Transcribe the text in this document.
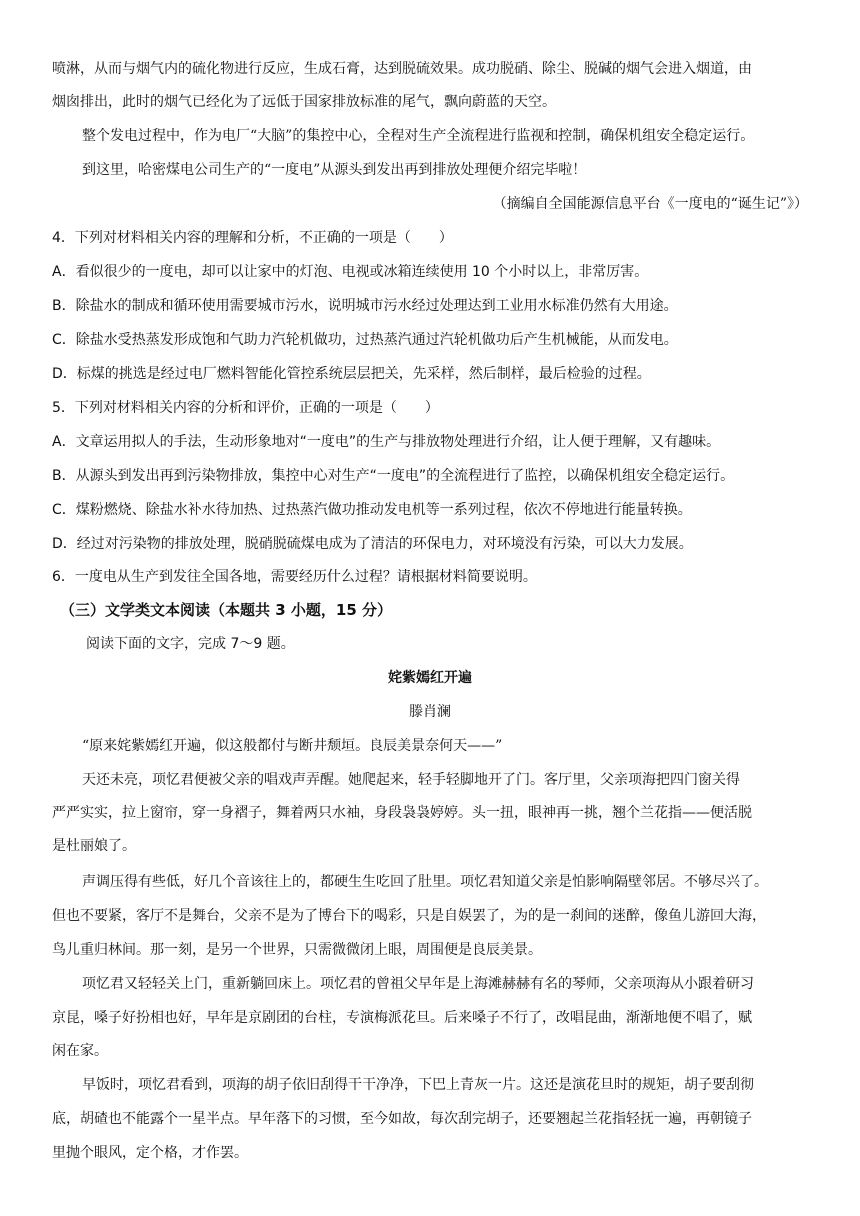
喷淋，从而与烟气内的硫化物进行反应，生成石膏，达到脱硫效果。成功脱硝、除尘、脱碱的烟气会进入烟道，由
烟囱排出，此时的烟气已经化为了远低于国家排放标准的尾气，飘向蔚蓝的天空。
整个发电过程中，作为电厂“大脑”的集控中心，全程对生产全流程进行监视和控制，确保机组安全稳定运行。
到这里，哈密煤电公司生产的“一度电”从源头到发出再到排放处理便介绍完毕啦！
（摘编自全国能源信息平台《一度电的“诞生记”》）
4．下列对材料相关内容的理解和分析，不正确的一项是（　　）
A．看似很少的一度电，却可以让家中的灯泡、电视或冰箱连续使用 10 个小时以上，非常厉害。
B．除盐水的制成和循环使用需要城市污水，说明城市污水经过处理达到工业用水标准仍然有大用途。
C．除盐水受热蒸发形成饱和气助力汽轮机做功，过热蒸汽通过汽轮机做功后产生机械能，从而发电。
D．标煤的挑选是经过电厂燃料智能化管控系统层层把关，先采样，然后制样，最后检验的过程。
5．下列对材料相关内容的分析和评价，正确的一项是（　　）
A．文章运用拟人的手法，生动形象地对“一度电”的生产与排放物处理进行介绍，让人便于理解，又有趣味。
B．从源头到发出再到污染物排放，集控中心对生产“一度电”的全流程进行了监控，以确保机组安全稳定运行。
C．煤粉燃烧、除盐水补水待加热、过热蒸汽做功推动发电机等一系列过程，依次不停地进行能量转换。
D．经过对污染物的排放处理，脱硝脱硫煤电成为了清洁的环保电力，对环境没有污染，可以大力发展。
6．一度电从生产到发往全国各地，需要经历什么过程？请根据材料简要说明。
（三）文学类文本阅读（本题共 3 小题，15 分）
阅读下面的文字，完成 7～9 题。
姹紫嫣红开遍
滕肖澜
“原来姹紫嫣红开遍，似这般都付与断井颓垣。良辰美景奈何天——”
天还未亮，项忆君便被父亲的唱戏声弄醒。她爬起来，轻手轻脚地开了门。客厅里，父亲项海把四门窗关得
严严实实，拉上窗帘，穿一身褶子，舞着两只水袖，身段袅袅婷婷。头一扭，眼神再一挑，翘个兰花指——便活脱
是杜丽娘了。
声调压得有些低，好几个音该往上的，都硬生生吃回了肚里。项忆君知道父亲是怕影响隔壁邻居。不够尽兴了。
但也不要紧，客厅不是舞台，父亲不是为了博台下的喝彩，只是自娱罢了，为的是一刹间的迷醉，像鱼儿游回大海，
鸟儿重归林间。那一刻，是另一个世界，只需微微闭上眼，周围便是良辰美景。
项忆君又轻轻关上门，重新躺回床上。项忆君的曾祖父早年是上海滩赫赫有名的琴师，父亲项海从小跟着研习
京昆，嗓子好扮相也好，早年是京剧团的台柱，专演梅派花旦。后来嗓子不行了，改唱昆曲，渐渐地便不唱了，赋
闲在家。
早饭时，项忆君看到，项海的胡子依旧刮得干干净净，下巴上青灰一片。这还是演花旦时的规矩，胡子要刮彻
底，胡碴也不能露个一星半点。早年落下的习惯，至今如故，每次刮完胡子，还要翘起兰花指轻抚一遍，再朝镜子
里抛个眼风，定个格，才作罢。
